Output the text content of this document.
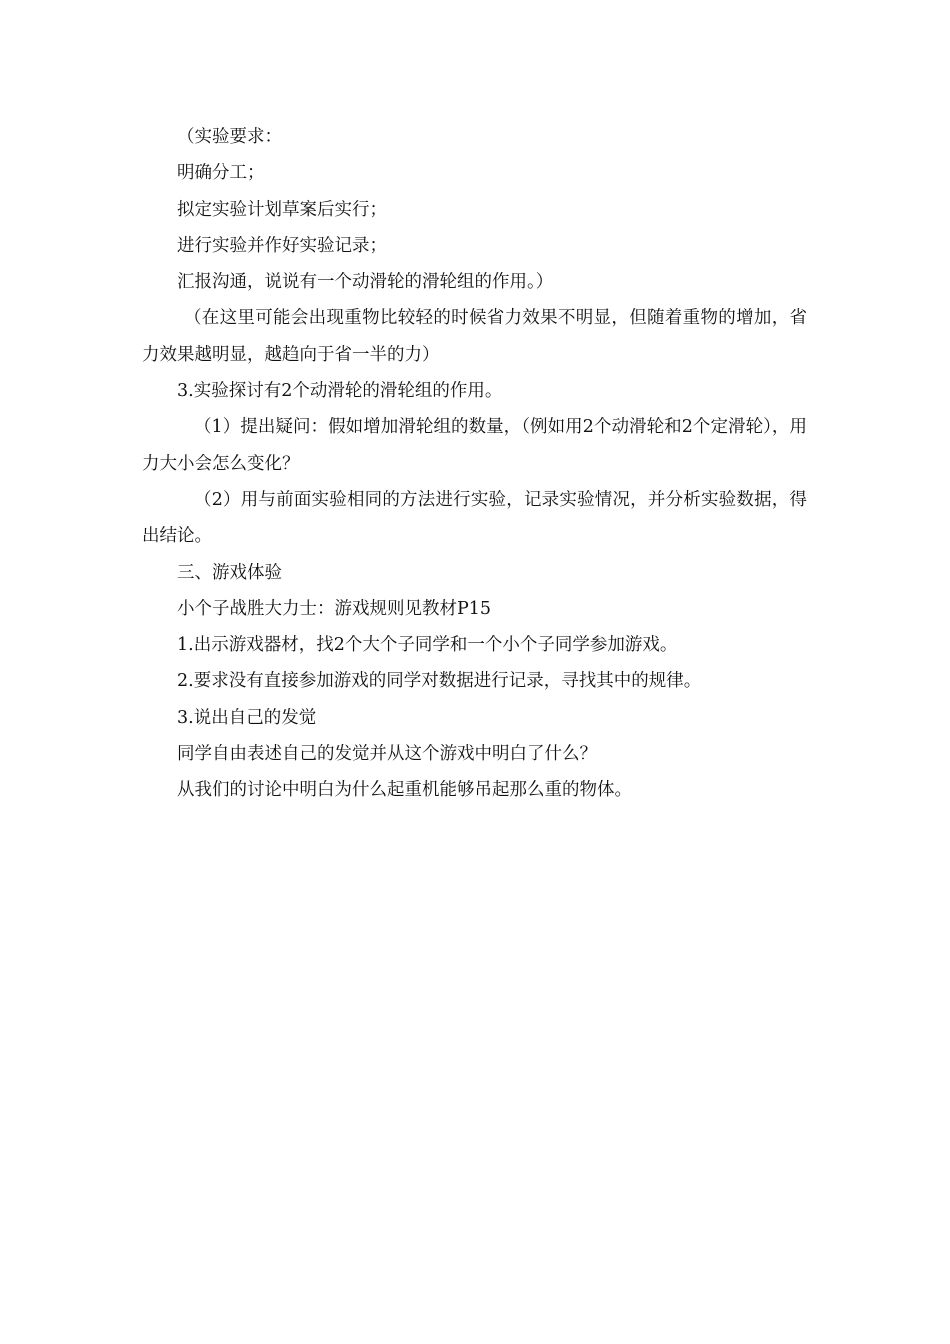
（实验要求：
明确分工；
拟定实验计划草案后实行；
进行实验并作好实验记录；
汇报沟通，说说有一个动滑轮的滑轮组的作用。）
（在这里可能会出现重物比较轻的时候省力效果不明显，但随着重物的增加，省力效果越明显，越趋向于省一半的力）
3.实验探讨有2个动滑轮的滑轮组的作用。
（1）提出疑问：假如增加滑轮组的数量，（例如用2个动滑轮和2个定滑轮），用力大小会怎么变化？
（2）用与前面实验相同的方法进行实验，记录实验情况，并分析实验数据，得出结论。
三、游戏体验
小个子战胜大力士：游戏规则见教材P15
1.出示游戏器材，找2个大个子同学和一个小个子同学参加游戏。
2.要求没有直接参加游戏的同学对数据进行记录，寻找其中的规律。
3.说出自己的发觉
同学自由表述自己的发觉并从这个游戏中明白了什么？
从我们的讨论中明白为什么起重机能够吊起那么重的物体。
